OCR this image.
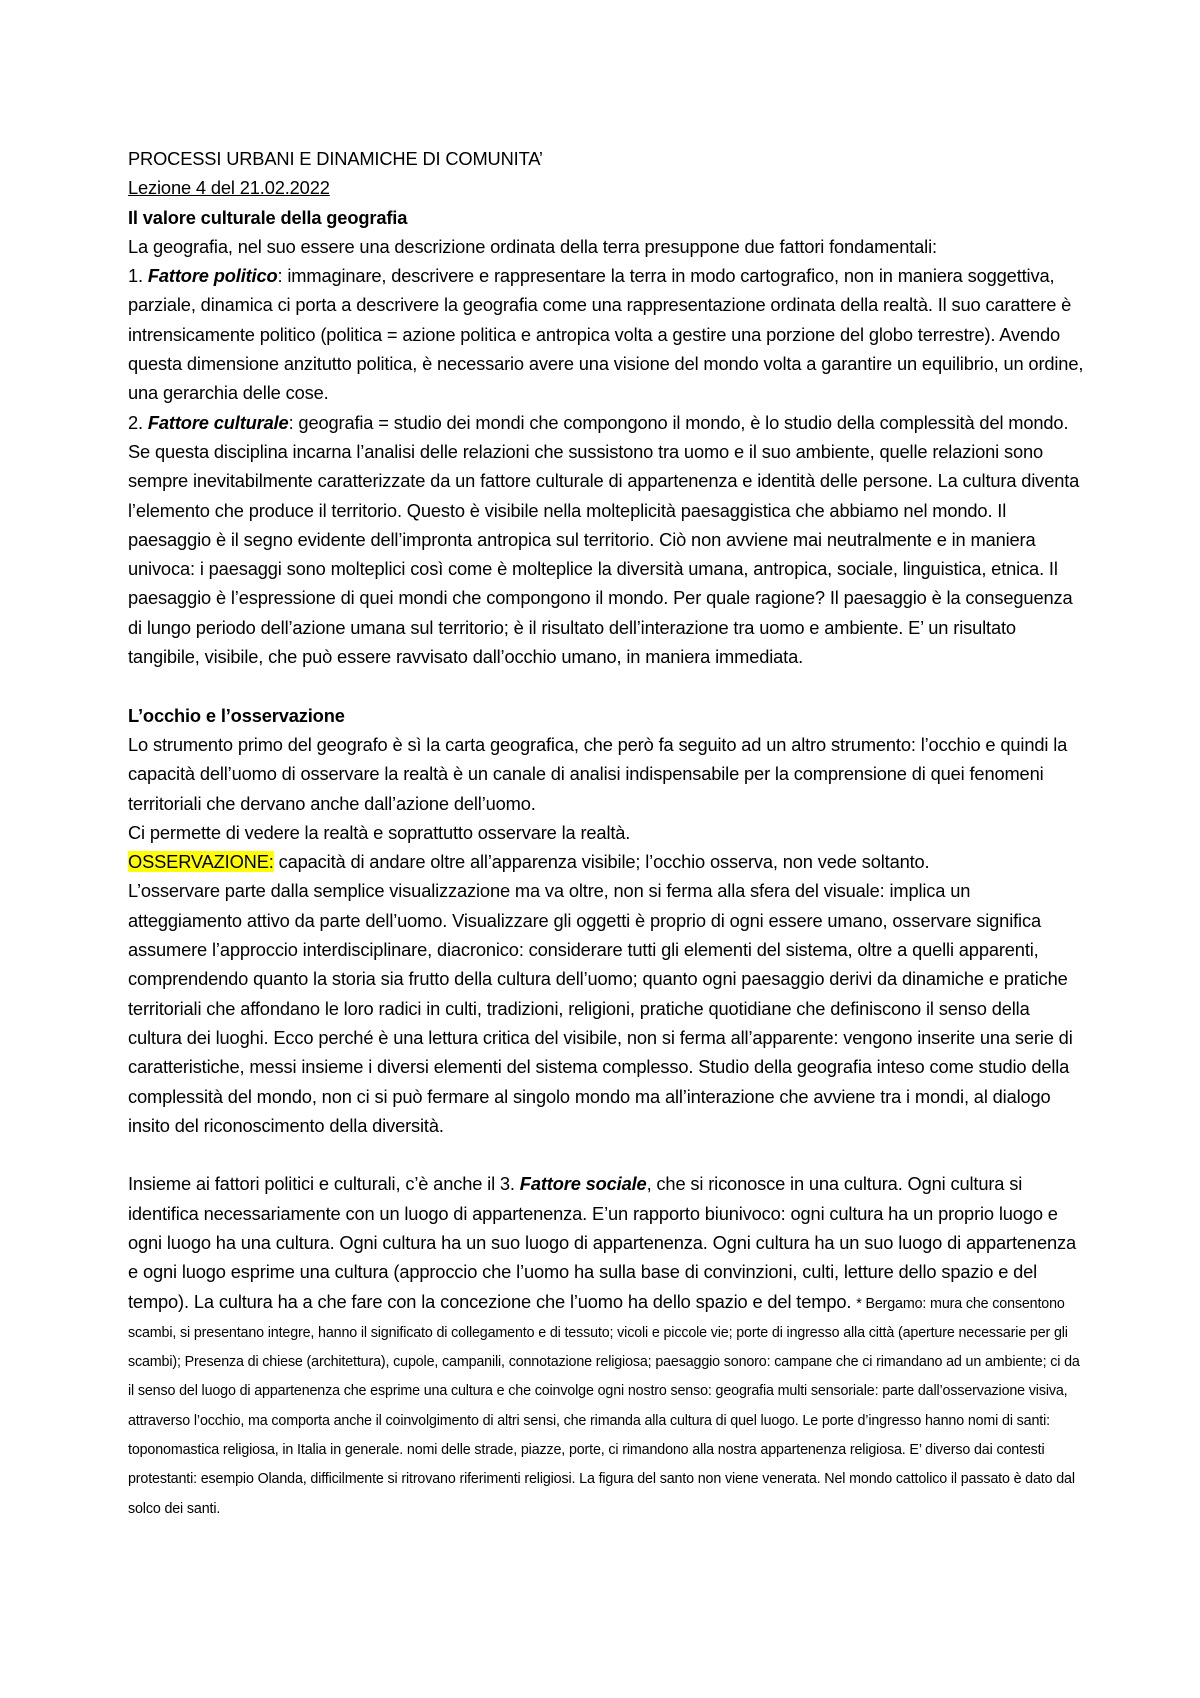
PROCESSI URBANI E DINAMICHE DI COMUNITA’

Lezione 4 del 21.02.2022

Il valore culturale della geografia

La geografia, nel suo essere una descrizione ordinata della terra presuppone due fattori fondamentali:

1. Fattore politico: immaginare, descrivere e rappresentare la terra in modo cartografico, non in maniera soggettiva, parziale, dinamica ci porta a descrivere la geografia come una rappresentazione ordinata della realtà. Il suo carattere è intrensicamente politico (politica = azione politica e antropica volta a gestire una porzione del globo terrestre). Avendo questa dimensione anzitutto politica, è necessario avere una visione del mondo volta a garantire un equilibrio, un ordine, una gerarchia delle cose.

2. Fattore culturale: geografia = studio dei mondi che compongono il mondo, è lo studio della complessità del mondo. Se questa disciplina incarna l’analisi delle relazioni che sussistono tra uomo e il suo ambiente, quelle relazioni sono sempre inevitabilmente caratterizzate da un fattore culturale di appartenenza e identità delle persone. La cultura diventa l’elemento che produce il territorio. Questo è visibile nella molteplicità paesaggistica che abbiamo nel mondo. Il paesaggio è il segno evidente dell’impronta antropica sul territorio. Ciò non avviene mai neutralmente e in maniera univoca: i paesaggi sono molteplici così come è molteplice la diversità umana, antropica, sociale, linguistica, etnica. Il paesaggio è l’espressione di quei mondi che compongono il mondo. Per quale ragione? Il paesaggio è la conseguenza di lungo periodo dell’azione umana sul territorio; è il risultato dell’interazione tra uomo e ambiente. E’ un risultato tangibile, visibile, che può essere ravvisato dall’occhio umano, in maniera immediata.

L’occhio e l’osservazione

Lo strumento primo del geografo è sì la carta geografica, che però fa seguito ad un altro strumento: l’occhio e quindi la capacità dell’uomo di osservare la realtà è un canale di analisi indispensabile per la comprensione di quei fenomeni territoriali che dervano anche dall’azione dell’uomo.

Ci permette di vedere la realtà e soprattutto osservare la realtà.

OSSERVAZIONE: capacità di andare oltre all’apparenza visibile; l’occhio osserva, non vede soltanto.

L’osservare parte dalla semplice visualizzazione ma va oltre, non si ferma alla sfera del visuale: implica un atteggiamento attivo da parte dell’uomo. Visualizzare gli oggetti è proprio di ogni essere umano, osservare significa assumere l’approccio interdisciplinare, diacronico: considerare tutti gli elementi del sistema, oltre a quelli apparenti, comprendendo quanto la storia sia frutto della cultura dell’uomo; quanto ogni paesaggio derivi da dinamiche e pratiche territoriali che affondano le loro radici in culti, tradizioni, religioni, pratiche quotidiane che definiscono il senso della cultura dei luoghi. Ecco perché è una lettura critica del visibile, non si ferma all’apparente: vengono inserite una serie di caratteristiche, messi insieme i diversi elementi del sistema complesso. Studio della geografia inteso come studio della complessità del mondo, non ci si può fermare al singolo mondo ma all’interazione che avviene tra i mondi, al dialogo insito del riconoscimento della diversità.

Insieme ai fattori politici e culturali, c’è anche il 3. Fattore sociale, che si riconosce in una cultura. Ogni cultura si identifica necessariamente con un luogo di appartenenza. E’un rapporto biunivoco: ogni cultura ha un proprio luogo e ogni luogo ha una cultura. Ogni cultura ha un suo luogo di appartenenza. Ogni cultura ha un suo luogo di appartenenza e ogni luogo esprime una cultura (approccio che l’uomo ha sulla base di convinzioni, culti, letture dello spazio e del tempo). La cultura ha a che fare con la concezione che l’uomo ha dello spazio e del tempo. * Bergamo: mura che consentono scambi, si presentano integre, hanno il significato di collegamento e di tessuto; vicoli e piccole vie; porte di ingresso alla città (aperture necessarie per gli scambi); Presenza di chiese (architettura), cupole, campanili, connotazione religiosa; paesaggio sonoro: campane che ci rimandano ad un ambiente; ci da il senso del luogo di appartenenza che esprime una cultura e che coinvolge ogni nostro senso: geografia multi sensoriale: parte dall’osservazione visiva, attraverso l’occhio, ma comporta anche il coinvolgimento di altri sensi, che rimanda alla cultura di quel luogo. Le porte d’ingresso hanno nomi di santi: toponomastica religiosa, in Italia in generale. nomi delle strade, piazze, porte, ci rimandono alla nostra appartenenza religiosa. E’ diverso dai contesti protestanti: esempio Olanda, difficilmente si ritrovano riferimenti religiosi. La figura del santo non viene venerata. Nel mondo cattolico il passato è dato dal solco dei santi.
